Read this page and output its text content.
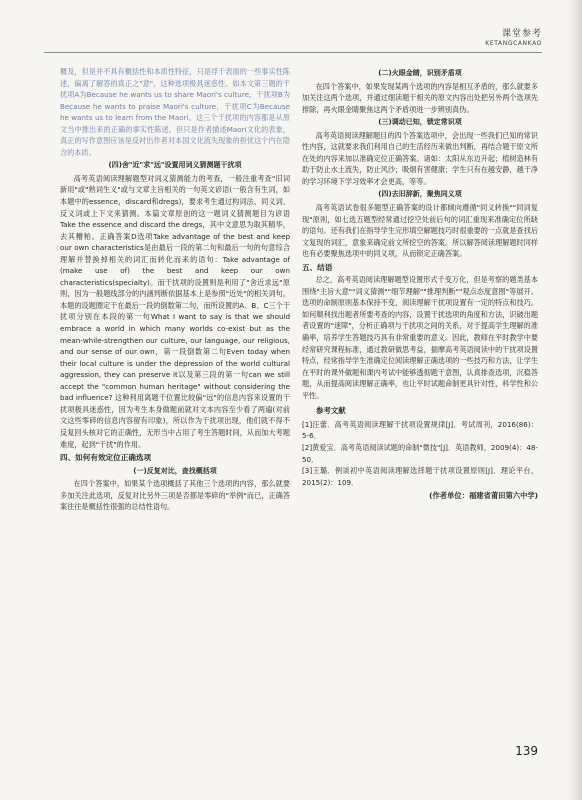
课堂参考
KETANGCANKAO

概及，但是并不具有概括性和本质性特征，只是浮于表面的一些事实性陈述，偏离了解答的真正之"意"，这种选项极具迷惑性。如本文第三题的干扰项A为Because he wants us to share Maori's culture，干扰项B为Because he wants to praise Maori's culture，干扰项C为Because he wants us to learn from the Maori。这三个干扰项的内容都是从原文当中推出来的正确的事实性陈述，但只是作者描述Maori文化的表象，真正的写作意图应该是反衬出作者对本国文化流失现象的担忧这个内在隐含的本质。

(四)舍"近"求"远"设置用词义猜测题干扰项

高考英语阅读理解题型对词义猜测能力的考查，一般注重考查"旧词新用"或"熟词生义"或与文章主旨相关的一句英文谚语(一般含有生词，如本题中的essence，discard和dregs)，要求考生通过构词法、同义词、反义词或上下文来猜测。本篇文章原创的这一题词义猜测题目为谚语Take the essence and discard the dregs，其中文意思为取其精华，去其糟粕。正确答案D选项Take advantage of the best and keep our own characteristics是由最后一段的第二句和最后一句的句意综合理解并替换掉相关的词汇而转化而来的语句：Take advantage of (make use of) the best and keep our own characteristics(specialty)。而干扰项的设置则是利用了"舍近求远"原则，因为一般题线部分的内涵判断依据基本上是参照"近处"的相关词句。本题的设题圈定干在最后一段的倒数第二句，而所设置的A、B、C三个干扰项分别在本段的第一句What I want to say is that we should embrace a world in which many worlds co-exist but as the mean-while-strengthen our culture, our language, our religious, and our sense of our own，第一段倒数第二句Even today when their local culture is under the depression of the world cultural aggression, they can preserve it以及第三段的第一句can we still accept the "common human heritage" without considering the bad influence? 这种利用离题干位置比较偏"远"的信息内容来设置的干扰项极具迷惑性，因为考生本身做题前就对文本内容至少看了两遍(对前文这些零碎的信息内容留有印象)，所以作为干扰项出现，他们就不得不反复回头核对它的正确性，无形当中占用了考生答题时间，从而加大考题难度，起到"干扰"的作用。

四、如何有效定位正确选项
(一)反复对比，查找概括项

在四个答案中，如果某个选项概括了其他三个选项的内容，那么就要多加关注此选项，反复对比另外三项是否都是零碎的"举例"而已，正确答案往往是概括性很强的总结性语句。

(二)火眼金睛，识别矛盾项

在四个答案中，如果发现某两个选项的内容是相互矛盾的，那么就要多加关注这两个选项，并通过细读题干相关的原文内容出处把另外两个选项先排除，再火眼金睛聚焦这两个矛盾项进一步辨别真伪。

(三)调动已知，锁定常识项

高考英语阅读理解题目的四个答案选项中，会出现一些我们已知的常识性内容，这就要求我们利用自己的生活经历来做出判断，再结合题干原文所在处的内容来加以准确定位正确答案。诸如：太阳从东边升起；植树造林有助于防止水土流失，防止风沙；吸烟有害健康；学生只有在越安静，越干净的学习环境下学习效率才会更高，等等。

(四)去旧辞新，聚焦同义项

高考英语试卷很多题型正确答案的设计都倾向遵循"同义转换""同词复现"原则，如七选五题型经常通过挖空处前后句的词汇重现来准确定位所缺的语句。还有我们在指导学生完形填空解题技巧时很重要的一点就是查找后文复现的词汇，意象来确定前文所挖空的答案。所以解答阅读理解题时同样也有必要聚焦选项中的同义项，从而锁定正确答案。

五、结语

总之，高考英语阅读理解题型设置形式千变万化，但是考察的题类基本围绕"主旨大意""词义猜测""细节理解""推理判断""观点态度意图"等展开。选项的命制原则基本保持不变，阅读理解干扰项设置有一定的特点和技巧。如何顺利找出题者所要考查的内容，设置干扰选项的角度和方法，识破出题者设置的"迷障"，分析正确项与干扰项之间的关系，对于提高学生理解的准确率，培养学生答题技巧具有非常重要的意义。因此，教师在平时教学中要经常研究课程标准，通过教研做思考益，揣摩高考英语阅读中的干扰项设置特点，经常指导学生准确定位阅读理解正确选项的一些技巧和方法，让学生在平时的课外做题和课内考试中能够透彻题干意图，认真排查选项，沉稳答题，从而提高阅读理解正确率，也让平时试题命制更具针对性，科学性和公平性。

参考文献

[1]汪蕾．高考英语阅读理解干扰项设置规律[J]．考试周刊，2016(86)：5-6．

[2]黄爱宝．高考英语阅读试题的命制"微技"[J]．英语教师，2009(4)：48-50．

[3]王璐．例谈初中英语阅读理解选择题干扰项设置原则[J]．理论平台，2015(2)：109．

(作者单位：福建省莆田第六中学)
139
